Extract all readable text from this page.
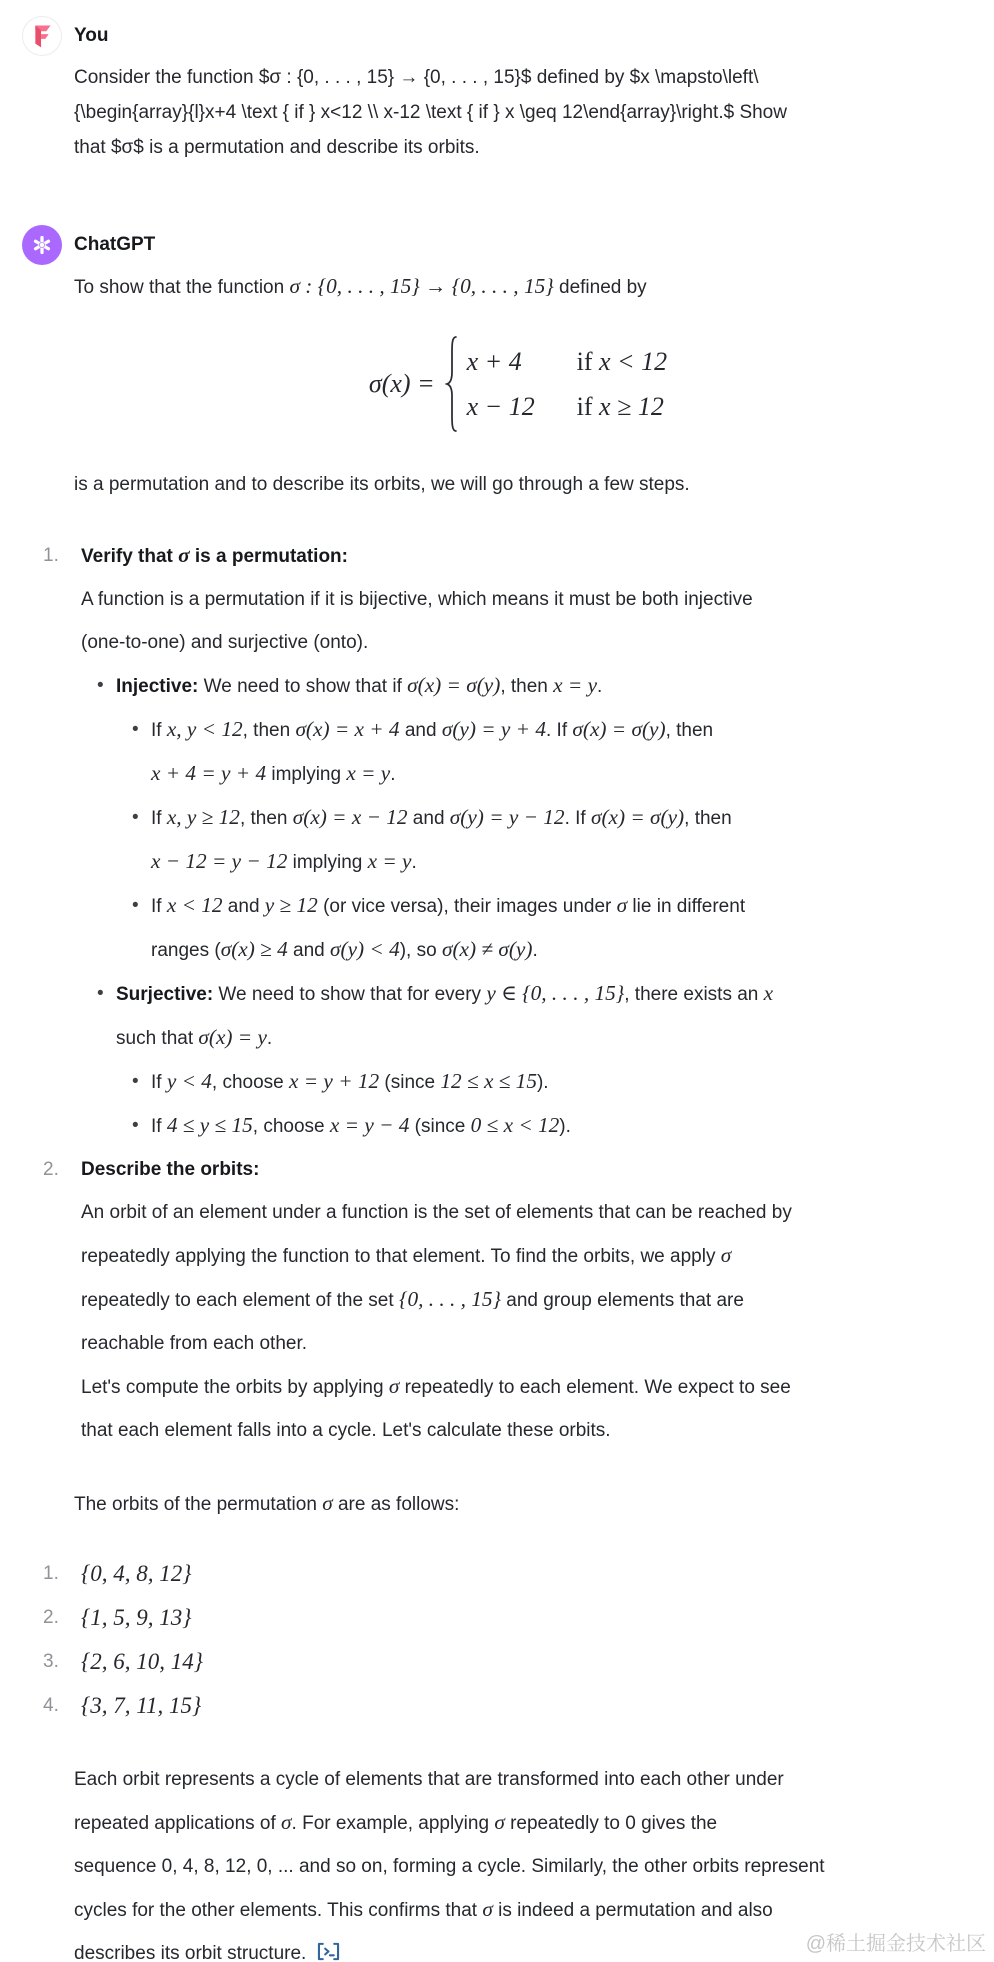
You
Consider the function $σ : {0, . . . , 15} → {0, . . . , 15}$ defined by $x \mapsto\left\
{\begin{array}{l}x+4 \text { if } x<12 \\ x-12 \text { if } x \geq 12\end{array}\right.$ Show
that $σ$ is a permutation and describe its orbits.
ChatGPT
To show that the function σ : {0, . . . , 15} → {0, . . . , 15} defined by
σ(x) =
x + 4 if x < 12
x − 12 if x ≥ 12
is a permutation and to describe its orbits, we will go through a few steps.
1.	Verify that σ is a permutation:
A function is a permutation if it is bijective, which means it must be both injective
(one-to-one) and surjective (onto).
•
Injective: We need to show that if σ(x) = σ(y), then x = y.
•
If x, y < 12, then σ(x) = x + 4 and σ(y) = y + 4. If σ(x) = σ(y), then
x + 4 = y + 4 implying x = y.
•
If x, y ≥ 12, then σ(x) = x − 12 and σ(y) = y − 12. If σ(x) = σ(y), then
x − 12 = y − 12 implying x = y.
•
If x < 12 and y ≥ 12 (or vice versa), their images under σ lie in different
ranges (σ(x) ≥ 4 and σ(y) < 4), so σ(x) ≠ σ(y).
•
Surjective: We need to show that for every y ∈ {0, . . . , 15}, there exists an x
such that σ(x) = y.
•
If y < 4, choose x = y + 12 (since 12 ≤ x ≤ 15).
•
If 4 ≤ y ≤ 15, choose x = y − 4 (since 0 ≤ x < 12).
2.	Describe the orbits:
An orbit of an element under a function is the set of elements that can be reached by
repeatedly applying the function to that element. To find the orbits, we apply σ
repeatedly to each element of the set {0, . . . , 15} and group elements that are
reachable from each other.
Let's compute the orbits by applying σ repeatedly to each element. We expect to see
that each element falls into a cycle. Let's calculate these orbits.
The orbits of the permutation σ are as follows:
1. {0, 4, 8, 12}
2. {1, 5, 9, 13}
3. {2, 6, 10, 14}
4. {3, 7, 11, 15}
Each orbit represents a cycle of elements that are transformed into each other under
repeated applications of σ. For example, applying σ repeatedly to 0 gives the
sequence 0, 4, 8, 12, 0, ... and so on, forming a cycle. Similarly, the other orbits represent
cycles for the other elements. This confirms that σ is indeed a permutation and also
describes its orbit structure.	@稀土掘金技术社区
